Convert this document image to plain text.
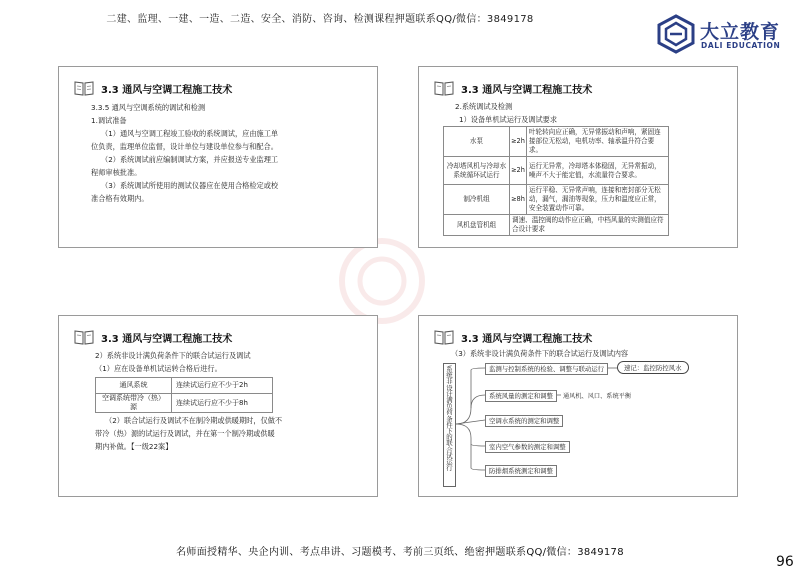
二建、监理、一建、一造、二造、安全、消防、咨询、检测课程押题联系QQ/微信：3849178
大立教育
DALI EDUCATION
3.3 通风与空调工程施工技术

3.3.5 通风与空调系统的调试和检测

1.调试准备

（1）通风与空调工程竣工验收的系统调试，应由施工单

位负责，监理单位监督，设计单位与建设单位参与和配合。

（2）系统调试前应编制调试方案，并应报送专业监理工

程师审核批准。

（3）系统调试所使用的测试仪器应在使用合格检定或校

准合格有效期内。

3.3 通风与空调工程施工技术
2.系统调试及检测
1）设备单机试运行及调试要求
水泵	≥2h	叶轮转向应正确，无异常振动和声响，紧固连接部位无松动，电机功率、轴承温升符合要求。
冷却塔风机与冷却水系统循环试运行	≥2h	运行无异常，冷却塔本体稳固，无异常振动，噪声不大于能定值，水流量符合要求。
制冷机组	≥8h	运行平稳、无异常声响，连接和密封部分无松动，漏气，漏油等现象，压力和温度应正常，安全装置动作可靠。
风机盘管机组	调速、温控阀的动作应正确，中档风量的实测值应符合设计要求	
3.3 通风与空调工程施工技术
2）系统非设计满负荷条件下的联合试运行及调试
（1）应在设备单机试运转合格后进行。
通风系统	连续试运行应不少于2h
空调系统带冷（热）源	连续试运行应不少于8h

（2）联合试运行及调试不在制冷期或供暖期时，仅做不

带冷（热）源的试运行及调试，并在第一个制冷期或供暖

期内补做。【一级22案】

3.3 通风与空调工程施工技术
（3）系统非设计满负荷条件下的联合试运行及调试内容
系
统
非
设
计
满
负
荷
条
件
下
的
联
合
试
运
行
监测与控制系统的检验、调整与联动运行
系统风量的测定和调整
空调水系统的测定和调整
室内空气参数的测定和调整
防排烟系统测定和调整
速记：监控防控风水
通风机、风口、系统平衡
名师面授精华、央企内训、考点串讲、习题模考、考前三页纸、绝密押题联系QQ/微信：3849178
96
